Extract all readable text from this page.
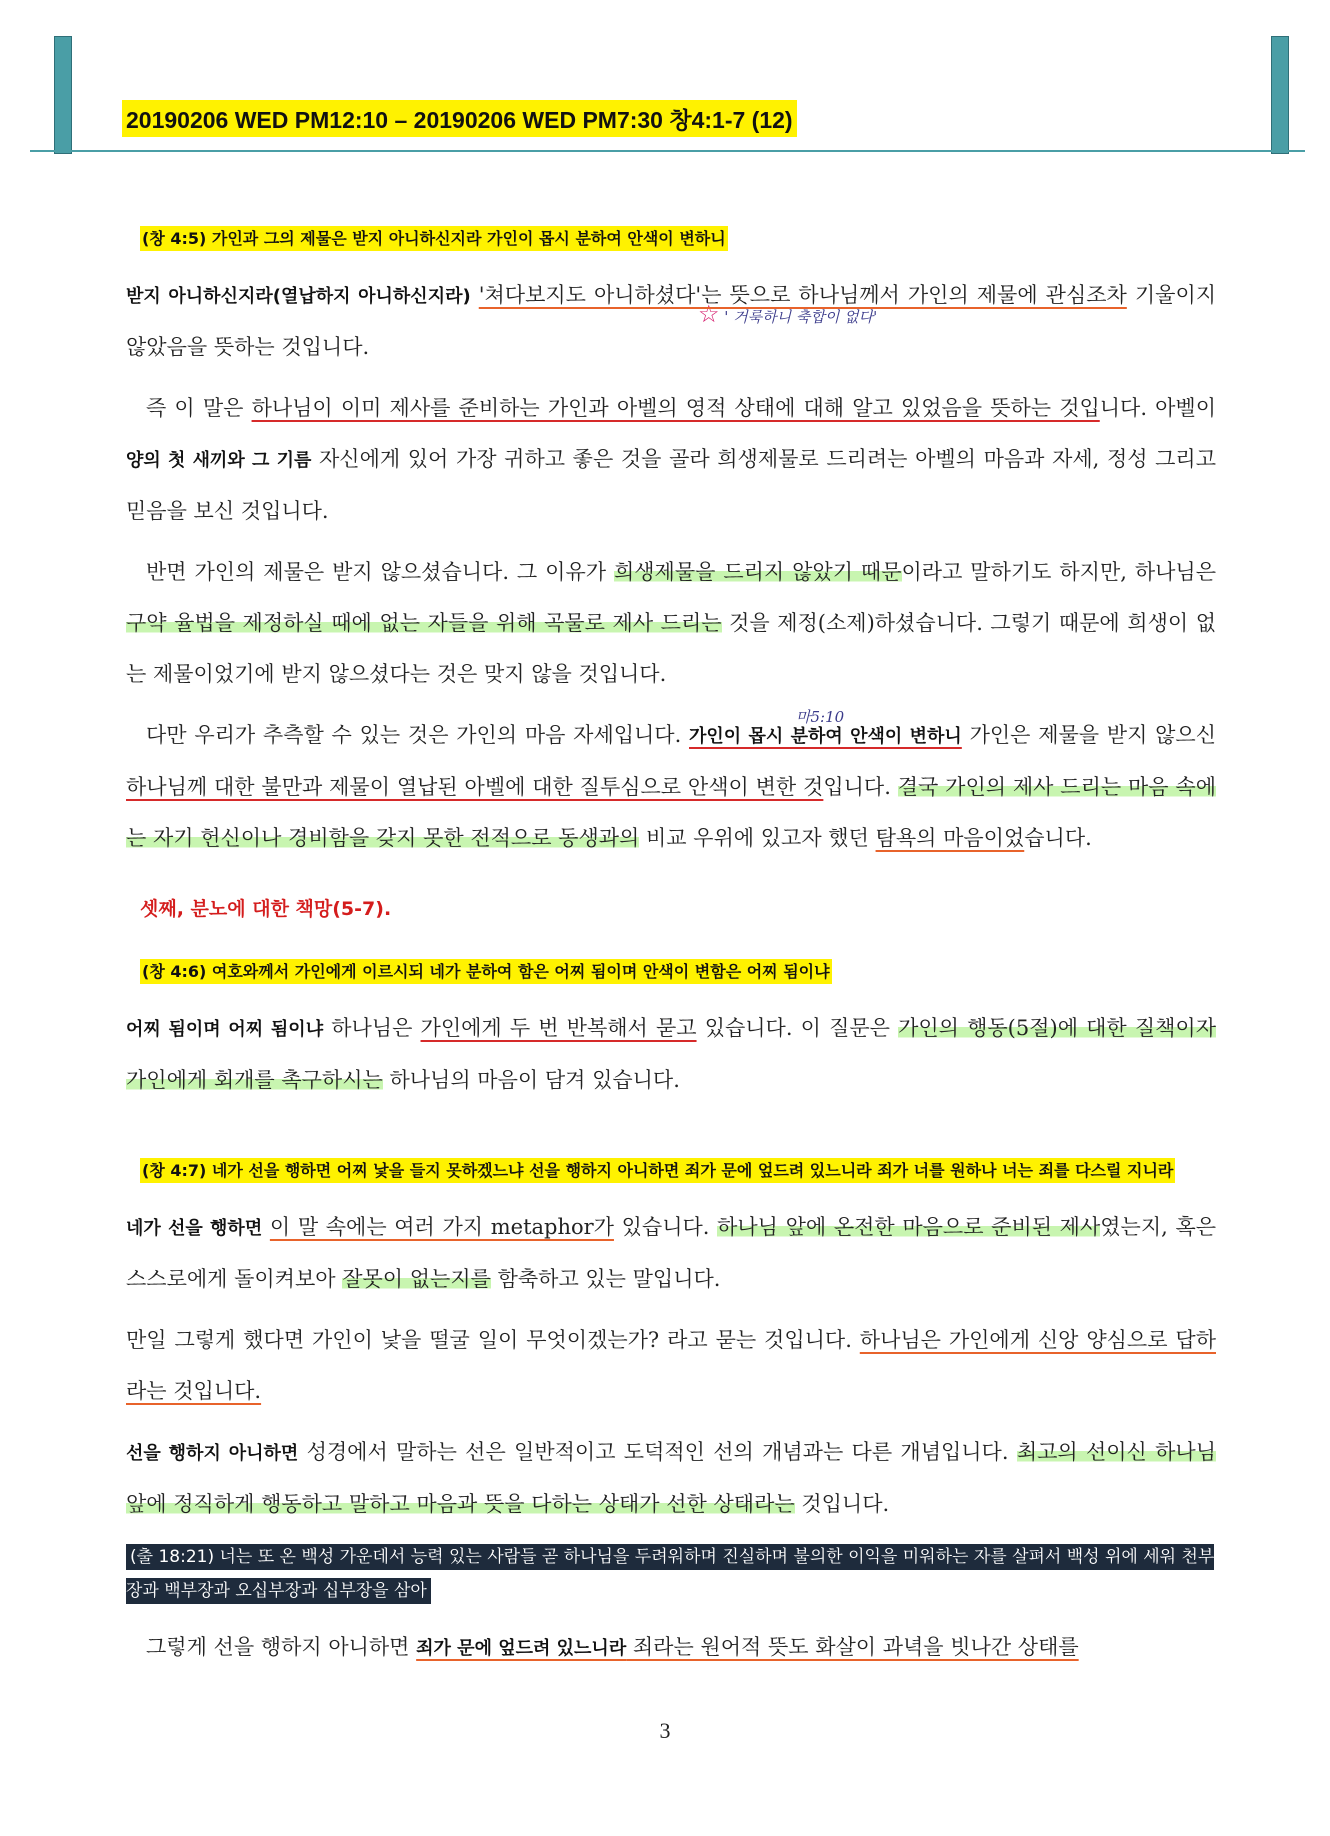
20190206 WED PM12:10 – 20190206 WED PM7:30 창4:1-7 (12)
☆ ' 거룩하니 축합이 없다'
마5:10
(창 4:5) 가인과 그의 제물은 받지 아니하신지라 가인이 몹시 분하여 안색이 변하니

받지 아니하신지라(열납하지 아니하신지라) '쳐다보지도 아니하셨다'는 뜻으로 하나님께서 가인의 제물에 관심조차 기울이지 않았음을 뜻하는 것입니다.

즉 이 말은 하나님이 이미 제사를 준비하는 가인과 아벨의 영적 상태에 대해 알고 있었음을 뜻하는 것입니다. 아벨이 양의 첫 새끼와 그 기름 자신에게 있어 가장 귀하고 좋은 것을 골라 희생제물로 드리려는 아벨의 마음과 자세, 정성 그리고 믿음을 보신 것입니다.

반면 가인의 제물은 받지 않으셨습니다. 그 이유가 희생제물을 드리지 않았기 때문이라고 말하기도 하지만, 하나님은 구약 율법을 제정하실 때에 없는 자들을 위해 곡물로 제사 드리는 것을 제정(소제)하셨습니다. 그렇기 때문에 희생이 없는 제물이었기에 받지 않으셨다는 것은 맞지 않을 것입니다.

다만 우리가 추측할 수 있는 것은 가인의 마음 자세입니다. 가인이 몹시 분하여 안색이 변하니 가인은 제물을 받지 않으신 하나님께 대한 불만과 제물이 열납된 아벨에 대한 질투심으로 안색이 변한 것입니다. 결국 가인의 제사 드리는 마음 속에는 자기 헌신이나 경비함을 갖지 못한 전적으로 동생과의 비교 우위에 있고자 했던 탐욕의 마음이었습니다.

셋째, 분노에 대한 책망(5-7).
(창 4:6) 여호와께서 가인에게 이르시되 네가 분하여 함은 어찌 됨이며 안색이 변함은 어찌 됨이냐

어찌 됨이며 어찌 됨이냐 하나님은 가인에게 두 번 반복해서 묻고 있습니다. 이 질문은 가인의 행동(5절)에 대한 질책이자 가인에게 회개를 촉구하시는 하나님의 마음이 담겨 있습니다.

(창 4:7) 네가 선을 행하면 어찌 낯을 들지 못하겠느냐 선을 행하지 아니하면 죄가 문에 엎드려 있느니라 죄가 너를 원하나 너는 죄를 다스릴 지니라

네가 선을 행하면 이 말 속에는 여러 가지 metaphor가 있습니다. 하나님 앞에 온전한 마음으로 준비된 제사였는지, 혹은 스스로에게 돌이켜보아 잘못이 없는지를 함축하고 있는 말입니다.

만일 그렇게 했다면 가인이 낯을 떨굴 일이 무엇이겠는가? 라고 묻는 것입니다. 하나님은 가인에게 신앙 양심으로 답하라는 것입니다.

선을 행하지 아니하면 성경에서 말하는 선은 일반적이고 도덕적인 선의 개념과는 다른 개념입니다. 최고의 선이신 하나님 앞에 정직하게 행동하고 말하고 마음과 뜻을 다하는 상태가 선한 상태라는 것입니다.

(출 18:21) 너는 또 온 백성 가운데서 능력 있는 사람들 곧 하나님을 두려워하며 진실하며 불의한 이익을 미워하는 자를 살펴서 백성 위에 세워 천부장과 백부장과 오십부장과 십부장을 삼아

그렇게 선을 행하지 아니하면 죄가 문에 엎드려 있느니라 죄라는 원어적 뜻도 화살이 과녁을 빗나간 상태를

3
